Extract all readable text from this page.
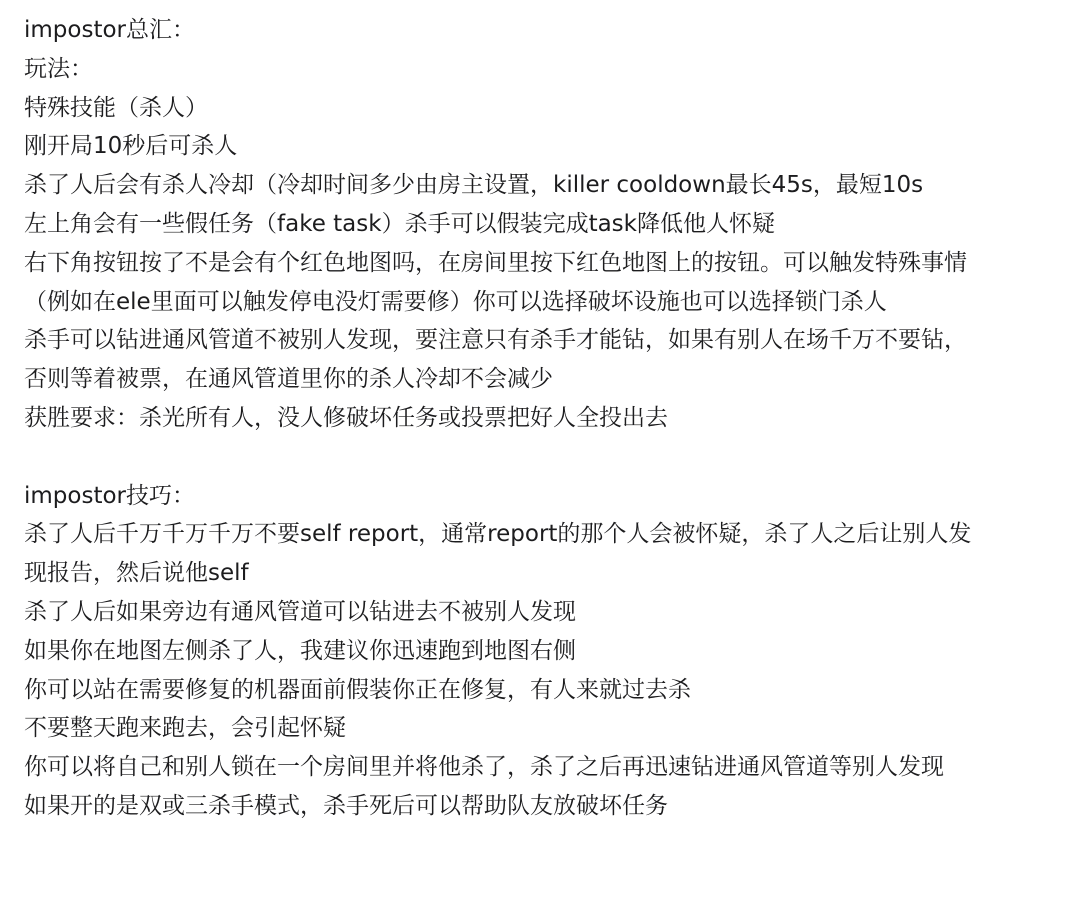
impostor总汇：
玩法：
特殊技能（杀人）
刚开局10秒后可杀人
杀了人后会有杀人冷却（冷却时间多少由房主设置，killer cooldown最长45s，最短10s
左上角会有一些假任务（fake task）杀手可以假装完成task降低他人怀疑
右下角按钮按了不是会有个红色地图吗，在房间里按下红色地图上的按钮。可以触发特殊事情
（例如在ele里面可以触发停电没灯需要修）你可以选择破坏设施也可以选择锁门杀人
杀手可以钻进通风管道不被别人发现，要注意只有杀手才能钻，如果有别人在场千万不要钻，
否则等着被票，在通风管道里你的杀人冷却不会减少
获胜要求：杀光所有人，没人修破坏任务或投票把好人全投出去
impostor技巧：
杀了人后千万千万千万不要self report，通常report的那个人会被怀疑，杀了人之后让别人发
现报告，然后说他self
杀了人后如果旁边有通风管道可以钻进去不被别人发现
如果你在地图左侧杀了人，我建议你迅速跑到地图右侧
你可以站在需要修复的机器面前假装你正在修复，有人来就过去杀
不要整天跑来跑去，会引起怀疑
你可以将自己和别人锁在一个房间里并将他杀了，杀了之后再迅速钻进通风管道等别人发现
如果开的是双或三杀手模式，杀手死后可以帮助队友放破坏任务
